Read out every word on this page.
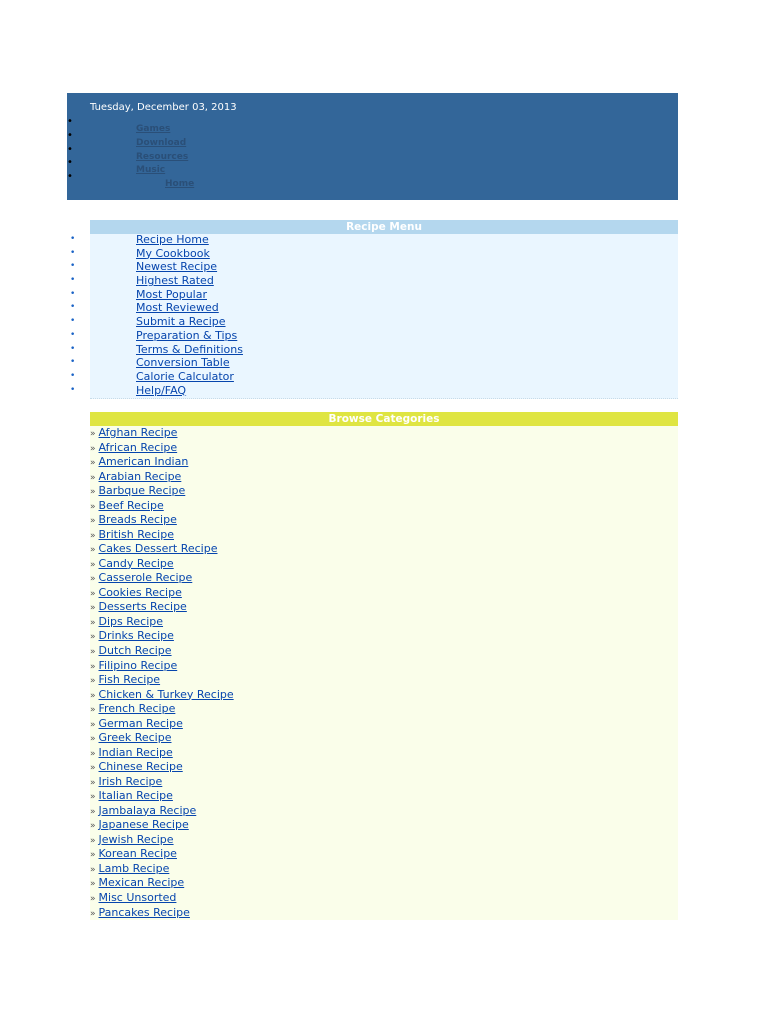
Tuesday, December 03, 2013
•
Games
•
Download
•
Resources
•
Music
•
Home
Recipe Menu
•	Recipe Home
•	My Cookbook
•	Newest Recipe
•	Highest Rated
•	Most Popular
•	Most Reviewed
•	Submit a Recipe
•	Preparation & Tips
•	Terms & Definitions
•	Conversion Table
•	Calorie Calculator
•	Help/FAQ
Browse Categories
» Afghan Recipe
» African Recipe
» American Indian
» Arabian Recipe
» Barbque Recipe
» Beef Recipe
» Breads Recipe
» British Recipe
» Cakes Dessert Recipe
» Candy Recipe
» Casserole Recipe
» Cookies Recipe
» Desserts Recipe
» Dips Recipe
» Drinks Recipe
» Dutch Recipe
» Filipino Recipe
» Fish Recipe
» Chicken & Turkey Recipe
» French Recipe
» German Recipe
» Greek Recipe
» Indian Recipe
» Chinese Recipe
» Irish Recipe
» Italian Recipe
» Jambalaya Recipe
» Japanese Recipe
» Jewish Recipe
» Korean Recipe
» Lamb Recipe
» Mexican Recipe
» Misc Unsorted
» Pancakes Recipe
